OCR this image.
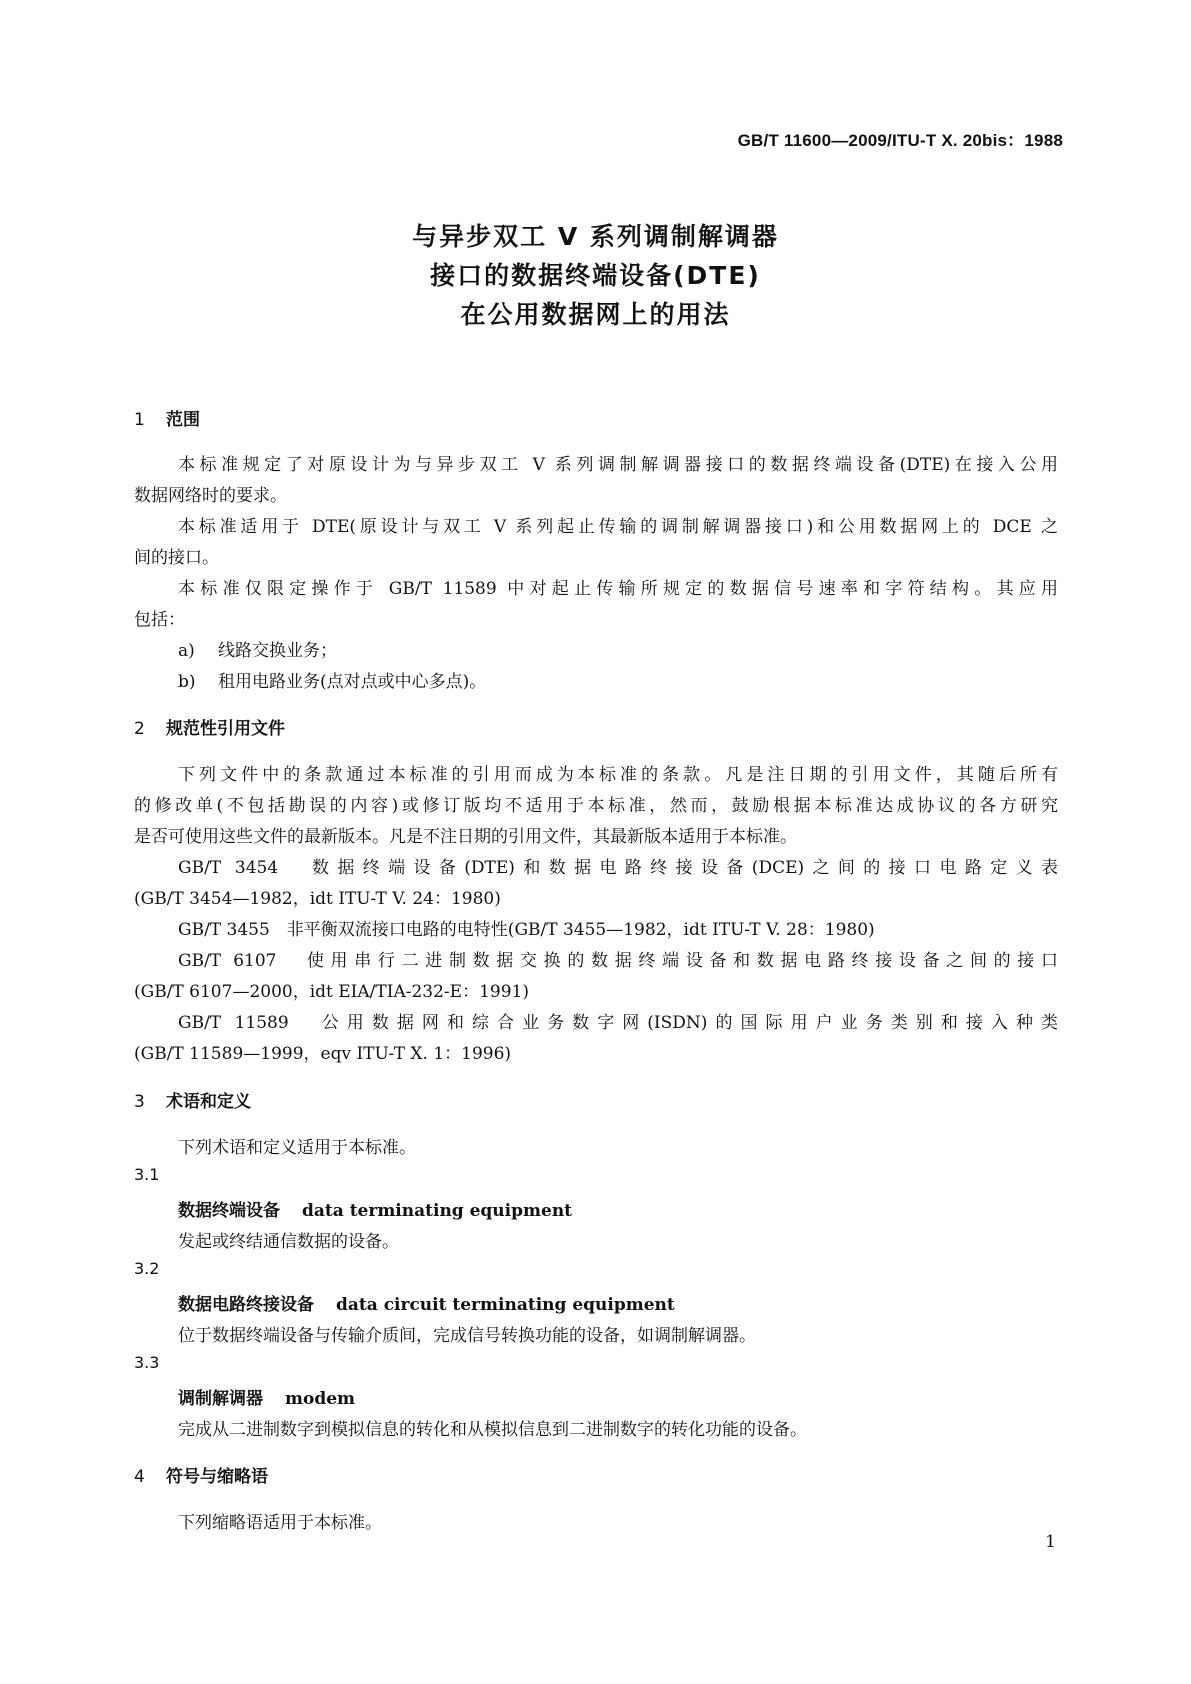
GB/T 11600—2009/ITU-T X. 20bis：1988
与异步双工 V 系列调制解调器
接口的数据终端设备(DTE)
在公用数据网上的用法
1 范围
本标准规定了对原设计为与异步双工 V 系列调制解调器接口的数据终端设备(DTE)在接入公用
数据网络时的要求。
本标准适用于 DTE(原设计与双工 V 系列起止传输的调制解调器接口)和公用数据网上的 DCE 之
间的接口。
本标准仅限定操作于 GB/T 11589 中对起止传输所规定的数据信号速率和字符结构。其应用
包括：
a) 线路交换业务；
b) 租用电路业务(点对点或中心多点)。
2 规范性引用文件
下列文件中的条款通过本标准的引用而成为本标准的条款。凡是注日期的引用文件，其随后所有
的修改单(不包括勘误的内容)或修订版均不适用于本标准，然而，鼓励根据本标准达成协议的各方研究
是否可使用这些文件的最新版本。凡是不注日期的引用文件，其最新版本适用于本标准。
GB/T 3454　数据终端设备(DTE)和数据电路终接设备(DCE)之间的接口电路定义表
(GB/T 3454—1982，idt ITU-T V. 24：1980)
GB/T 3455　非平衡双流接口电路的电特性(GB/T 3455—1982，idt ITU-T V. 28：1980)
GB/T 6107　使用串行二进制数据交换的数据终端设备和数据电路终接设备之间的接口
(GB/T 6107—2000，idt EIA/TIA-232-E：1991)
GB/T 11589　公用数据网和综合业务数字网(ISDN)的国际用户业务类别和接入种类
(GB/T 11589—1999，eqv ITU-T X. 1：1996)
3 术语和定义
下列术语和定义适用于本标准。
3.1
数据终端设备 data terminating equipment
发起或终结通信数据的设备。
3.2
数据电路终接设备 data circuit terminating equipment
位于数据终端设备与传输介质间，完成信号转换功能的设备，如调制解调器。
3.3
调制解调器 modem
完成从二进制数字到模拟信息的转化和从模拟信息到二进制数字的转化功能的设备。
4 符号与缩略语
下列缩略语适用于本标准。
1
